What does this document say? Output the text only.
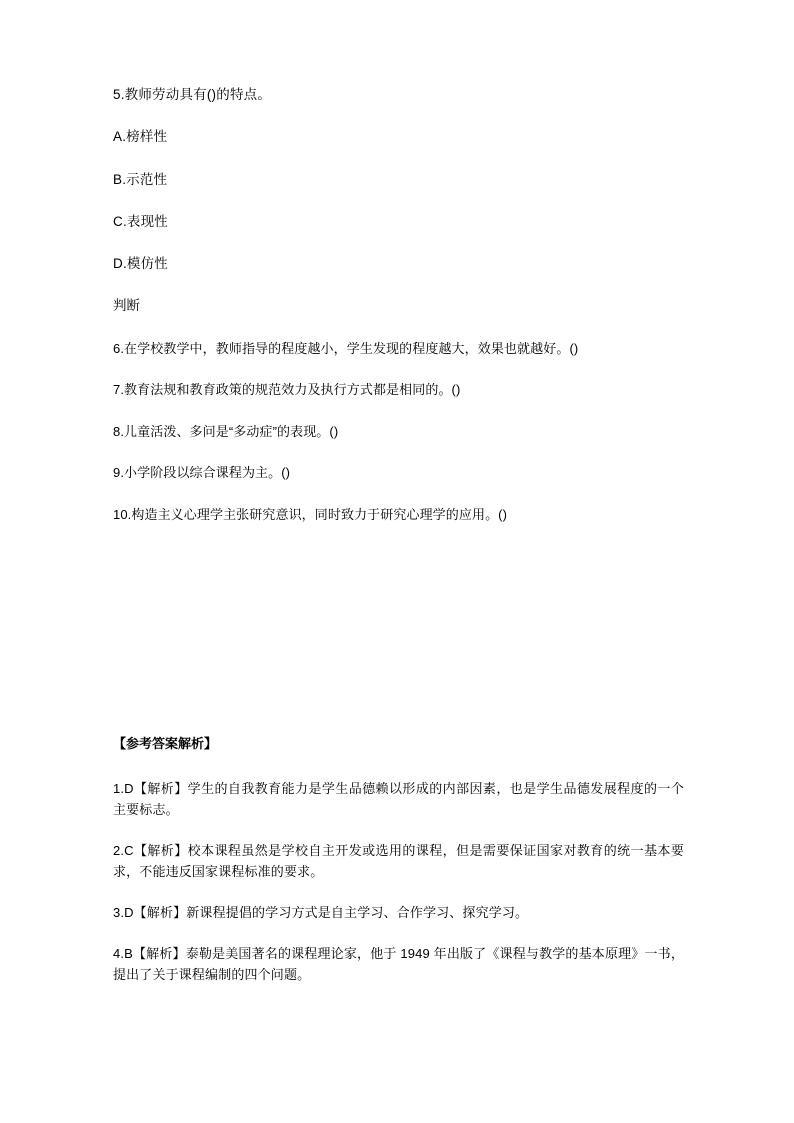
5.教师劳动具有()的特点。

A.榜样性

B.示范性

C.表现性

D.模仿性

判断

6.在学校教学中，教师指导的程度越小，学生发现的程度越大，效果也就越好。()

7.教育法规和教育政策的规范效力及执行方式都是相同的。()

8.儿童活泼、多问是“多动症”的表现。()

9.小学阶段以综合课程为主。()

10.构造主义心理学主张研究意识，同时致力于研究心理学的应用。()

【参考答案解析】

1.D【解析】学生的自我教育能力是学生品德赖以形成的内部因素，也是学生品德发展程度的一个主要标志。

2.C【解析】校本课程虽然是学校自主开发或选用的课程，但是需要保证国家对教育的统一基本要求，不能违反国家课程标准的要求。

3.D【解析】新课程提倡的学习方式是自主学习、合作学习、探究学习。

4.B【解析】泰勒是美国著名的课程理论家，他于 1949 年出版了《课程与教学的基本原理》一书，提出了关于课程编制的四个问题。
